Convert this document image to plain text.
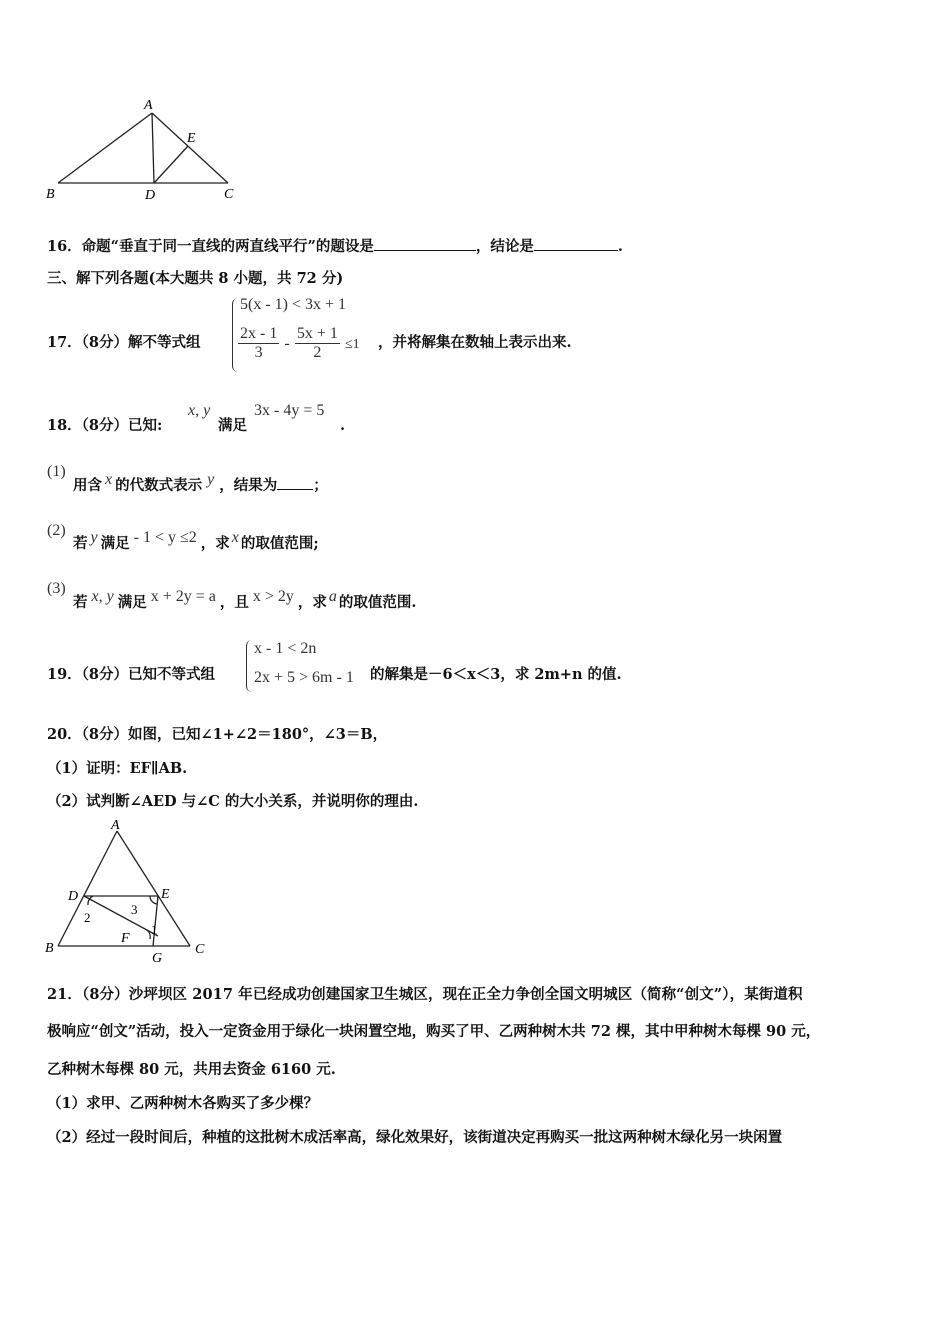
A
E
B	D	C
16．命题“垂直于同一直线的两直线平行”的题设是	，结论是	.
三、解下列各题(本大题共 8 小题，共 72 分)
17．（8分）解不等式组
5(x - 1) < 3x + 1
$\frac{2x - 1}{3} - \frac{5x + 1}{2} \le 1$ ，并将解集在数轴上表示出来.
18．（8分）已知:
x, y
满足
3x - 4y = 5
.
(1)
用含 x 的代数式表示 y ，结果为 ；
(2)
若 y 满足 - 1 < y ≤2 ，求 x 的取值范围;
(3)
若 x, y 满足 x + 2y = a ，且 x > 2y ，求 a 的取值范围.
19．（8分）已知不等式组
x - 1 < 2n
2x + 5 > 6m - 1 的解集是－6＜x＜3，求 2m+n 的值.
20．（8分）如图，已知∠1+∠2＝180°，∠3＝B，
（1）证明：EF∥AB.
（2）试判断∠AED 与∠C 的大小关系，并说明你的理由.
A
D	E
2
3
F
1
B	C
G
21．（8分）沙坪坝区 2017 年已经成功创建国家卫生城区，现在正全力争创全国文明城区（简称“创文”），某街道积
极响应“创文”活动，投入一定资金用于绿化一块闲置空地，购买了甲、乙两种树木共 72 棵，其中甲种树木每棵 90 元，
乙种树木每棵 80 元，共用去资金 6160 元.
（1）求甲、乙两种树木各购买了多少棵？
（2）经过一段时间后，种植的这批树木成活率高，绿化效果好，该街道决定再购买一批这两种树木绿化另一块闲置
